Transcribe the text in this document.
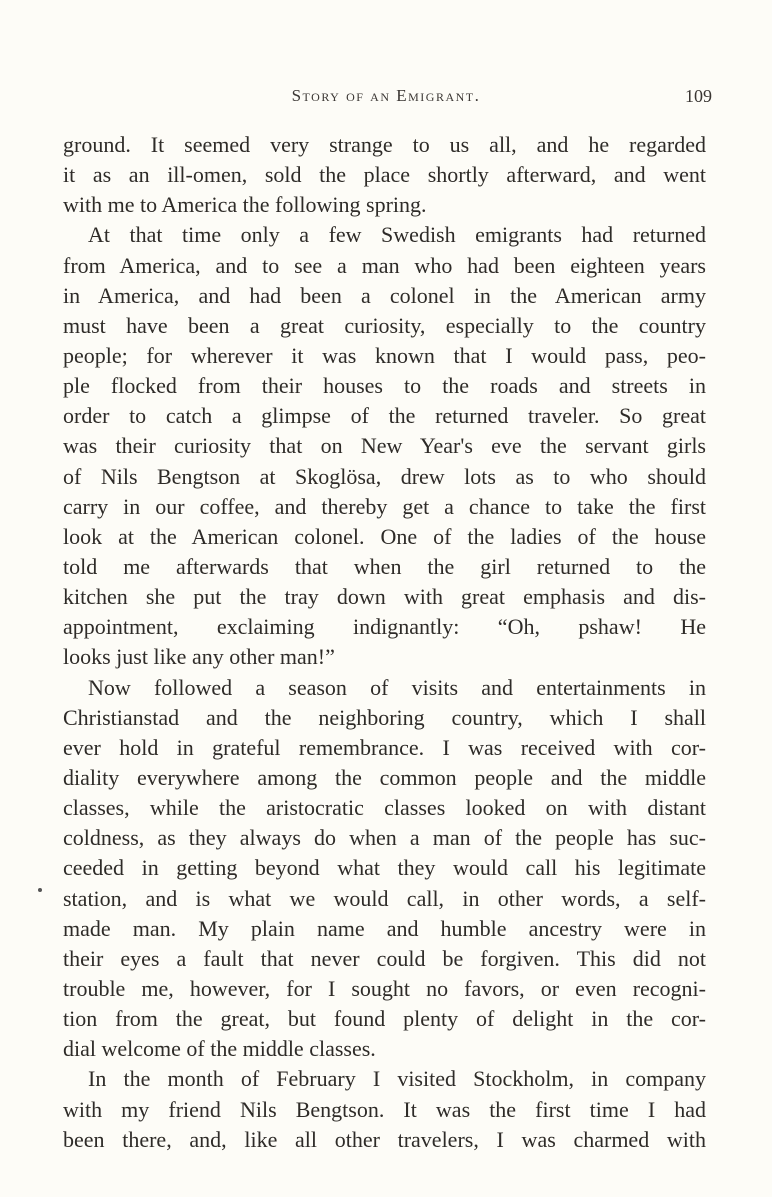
Story of an Emigrant.	109
ground. It seemed very strange to us all, and he regarded
it as an ill-omen, sold the place shortly afterward, and went
with me to America the following spring.
At that time only a few Swedish emigrants had returned
from America, and to see a man who had been eighteen years
in America, and had been a colonel in the American army
must have been a great curiosity, especially to the country
people; for wherever it was known that I would pass, peo-
ple flocked from their houses to the roads and streets in
order to catch a glimpse of the returned traveler. So great
was their curiosity that on New Year's eve the servant girls
of Nils Bengtson at Skoglösa, drew lots as to who should
carry in our coffee, and thereby get a chance to take the first
look at the American colonel. One of the ladies of the house
told me afterwards that when the girl returned to the
kitchen she put the tray down with great emphasis and dis-
appointment, exclaiming indignantly: “Oh, pshaw! He
looks just like any other man!”
Now followed a season of visits and entertainments in
Christianstad and the neighboring country, which I shall
ever hold in grateful remembrance. I was received with cor-
diality everywhere among the common people and the middle
classes, while the aristocratic classes looked on with distant
coldness, as they always do when a man of the people has suc-
ceeded in getting beyond what they would call his legitimate
station, and is what we would call, in other words, a self-
made man. My plain name and humble ancestry were in
their eyes a fault that never could be forgiven. This did not
trouble me, however, for I sought no favors, or even recogni-
tion from the great, but found plenty of delight in the cor-
dial welcome of the middle classes.
In the month of February I visited Stockholm, in company
with my friend Nils Bengtson. It was the first time I had
been there, and, like all other travelers, I was charmed with
